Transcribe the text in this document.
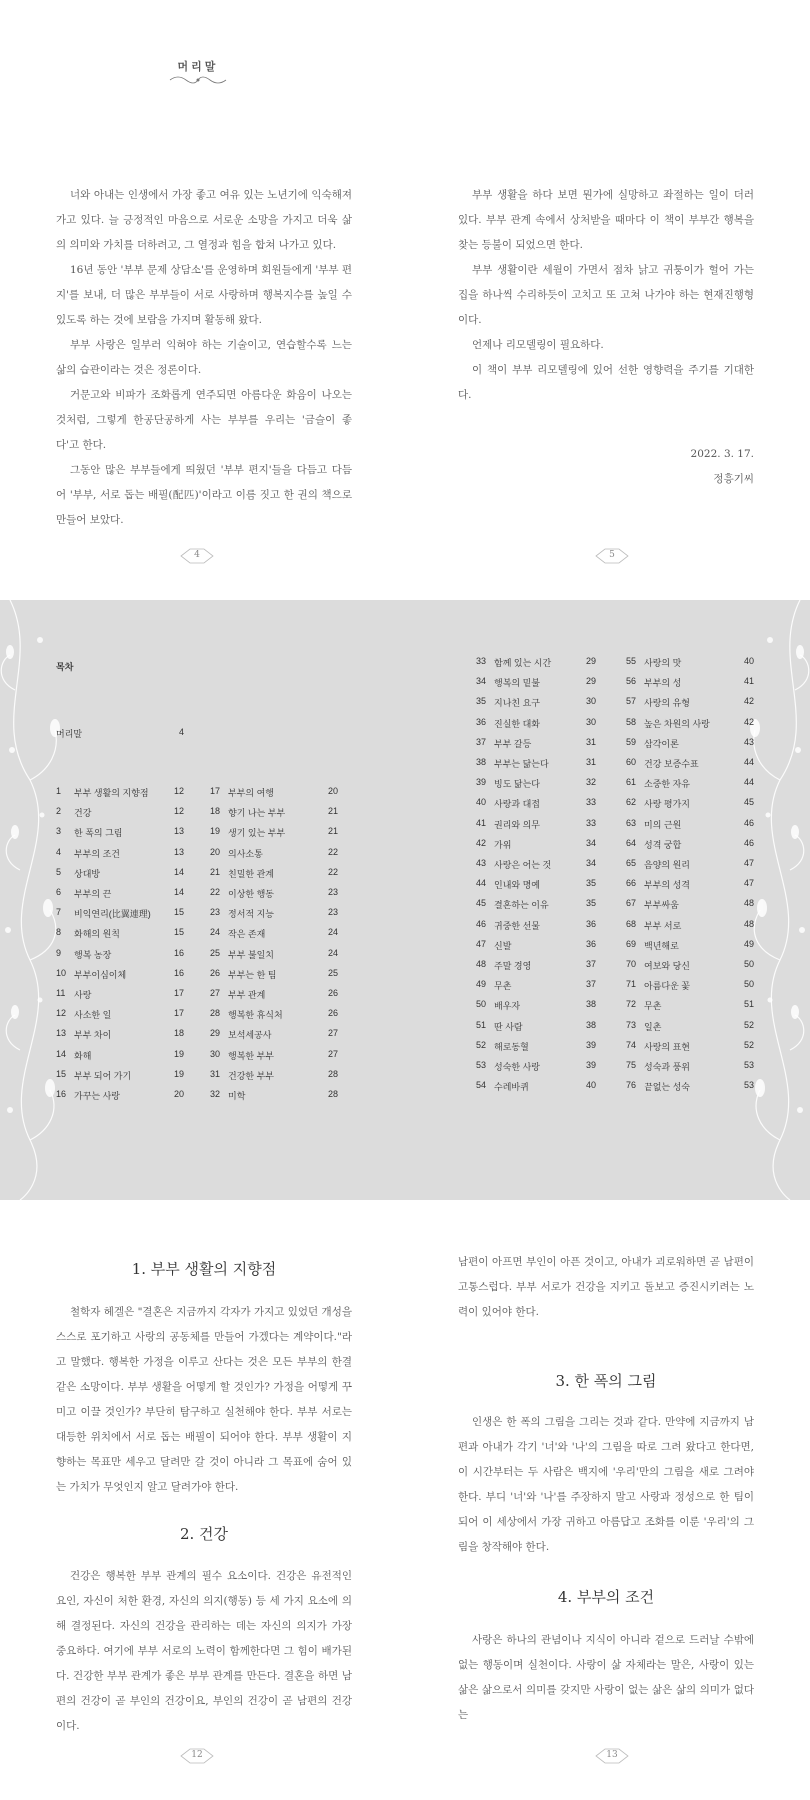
머리말

너와 아내는 인생에서 가장 좋고 여유 있는 노년기에 익숙해져 가고 있다. 늘 긍정적인 마음으로 서로운 소망을 가지고 더욱 삶의 의미와 가치를 더하려고, 그 열정과 힘을 합쳐 나가고 있다.

16년 동안 '부부 문제 상담소'를 운영하며 회원들에게 '부부 편지'를 보내, 더 많은 부부들이 서로 사랑하며 행복지수를 높일 수 있도록 하는 것에 보람을 가지며 활동해 왔다.

부부 사랑은 일부러 익혀야 하는 기술이고, 연습할수록 느는 삶의 습관이라는 것은 정론이다.

거문고와 비파가 조화롭게 연주되면 아름다운 화음이 나오는 것처럼, 그렇게 한공단공하게 사는 부부를 우리는 '금슬이 좋다'고 한다.

그동안 많은 부부들에게 띄웠던 '부부 편지'들을 다듬고 다듬어 '부부, 서로 돕는 배필(配匹)'이라고 이름 짓고 한 권의 책으로 만들어 보았다.

부부 생활을 하다 보면 뭔가에 실망하고 좌절하는 일이 더러 있다. 부부 관계 속에서 상처받을 때마다 이 책이 부부간 행복을 찾는 등불이 되었으면 한다.

부부 생활이란 세월이 가면서 점차 낡고 귀퉁이가 헐어 가는 집을 하나씩 수리하듯이 고치고 또 고쳐 나가야 하는 현재진행형이다.

언제나 리모델링이 필요하다.

이 책이 부부 리모델링에 있어 선한 영향력을 주기를 기대한다.

2022. 3. 17.

정흥기씨

4	5
목차
머리말	4
1 부부 생활의 지향점	12
2 건강	12
3 한 폭의 그림	13
4 부부의 조건	13
5 상대방	14
6 부부의 끈	14
7 비익연리(比翼連理)	15
8 화해의 원칙	15
9 행복 농장	16
10 부부이심이체	16
11 사랑	17
12 사소한 일	17
13 부부 차이	18
14 화해	19
15 부부 되어 가기	19
16 가꾸는 사랑	20
17 부부의 여행	20
18 향기 나는 부부	21
19 생기 있는 부부	21
20 의사소통	22
21 친밀한 관계	22
22 이상한 행동	23
23 정서적 지능	23
24 작은 존재	24
25 부부 불일치	24
26 부부는 한 팀	25
27 부부 관계	26
28 행복한 휴식처	26
29 보석세공사	27
30 행복한 부부	27
31 건강한 부부	28
32 미학	28
33 함께 있는 시간	29
34 행복의 밑불	29
35 지나친 요구	30
36 진실한 대화	30
37 부부 갈등	31
38 부부는 닮는다	31
39 빙도 닮는다	32
40 사랑과 대접	33
41 권리와 의무	33
42 가위	34
43 사랑은 어는 것	34
44 인내와 명예	35
45 결혼하는 이유	35
46 귀중한 선물	36
47 신발	36
48 주말 경영	37
49 무촌	37
50 배우자	38
51 딴 사람	38
52 해로동혈	39
53 성숙한 사랑	39
54 수레바퀴	40
55 사랑의 맛	40
56 부부의 성	41
57 사랑의 유형	42
58 높은 차원의 사랑	42
59 삼각이론	43
60 건강 보증수표	44
61 소중한 자유	44
62 사랑 평가지	45
63 미의 근원	46
64 성격 궁합	46
65 음양의 원리	47
66 부부의 성격	47
67 부부싸움	48
68 부부 서로	48
69 백년해로	49
70 여보와 당신	50
71 아름다운 꽃	50
72 무촌	51
73 일촌	52
74 사랑의 표현	52
75 성숙과 풍위	53
76 끝없는 성숙	53
1. 부부 생활의 지향점

철학자 헤겔은 "결혼은 지금까지 각자가 가지고 있었던 개성을 스스로 포기하고 사랑의 공동체를 만들어 가겠다는 계약이다."라고 말했다. 행복한 가정을 이루고 산다는 것은 모든 부부의 한결같은 소망이다. 부부 생활을 어떻게 할 것인가? 가정을 어떻게 꾸미고 이끌 것인가? 부단히 탐구하고 실천해야 한다. 부부 서로는 대등한 위치에서 서로 돕는 배필이 되어야 한다. 부부 생활이 지향하는 목표만 세우고 달려만 갈 것이 아니라 그 목표에 숨어 있는 가치가 무엇인지 알고 달려가야 한다.

2. 건강

건강은 행복한 부부 관계의 필수 요소이다. 건강은 유전적인 요인, 자신이 처한 환경, 자신의 의지(행동) 등 세 가지 요소에 의해 결정된다. 자신의 건강을 관리하는 데는 자신의 의지가 가장 중요하다. 여기에 부부 서로의 노력이 함께한다면 그 힘이 배가된다. 건강한 부부 관계가 좋은 부부 관계를 만든다. 결혼을 하면 남편의 건강이 곧 부인의 건강이요, 부인의 건강이 곧 남편의 건강이다.

남편이 아프면 부인이 아픈 것이고, 아내가 괴로워하면 곧 남편이 고통스럽다. 부부 서로가 건강을 지키고 돌보고 증진시키려는 노력이 있어야 한다.

3. 한 폭의 그림

인생은 한 폭의 그림을 그리는 것과 같다. 만약에 지금까지 남편과 아내가 각기 '너'와 '나'의 그림을 따로 그려 왔다고 한다면, 이 시간부터는 두 사람은 백지에 '우리'만의 그림을 새로 그려야 한다. 부디 '너'와 '나'를 주장하지 말고 사랑과 정성으로 한 팀이 되어 이 세상에서 가장 귀하고 아름답고 조화를 이룬 '우리'의 그림을 창작해야 한다.

4. 부부의 조건

사랑은 하나의 관념이나 지식이 아니라 겉으로 드러날 수밖에 없는 행동이며 실천이다. 사랑이 삶 자체라는 말은, 사랑이 있는 삶은 삶으로서 의미를 갖지만 사랑이 없는 삶은 삶의 의미가 없다는

12	13
